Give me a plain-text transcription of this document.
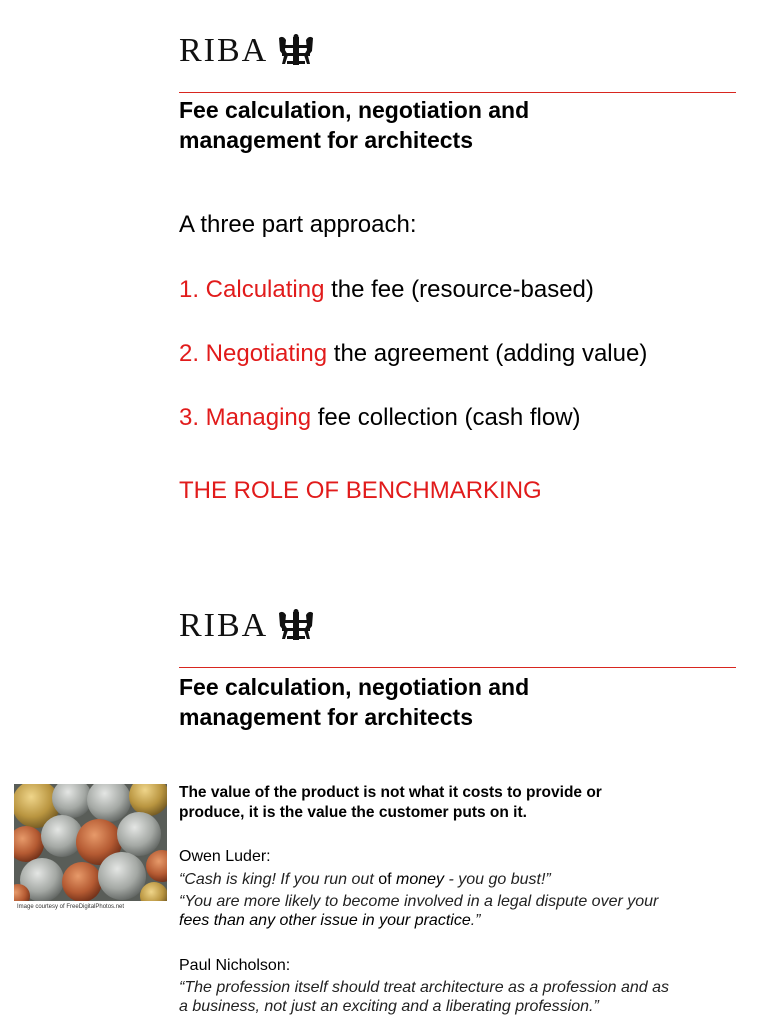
RIBA
Fee calculation, negotiation and
management for architects
A three part approach:
1. Calculating the fee (resource-based)
2. Negotiating the agreement (adding value)
3. Managing fee collection (cash flow)
THE ROLE OF BENCHMARKING
RIBA
Fee calculation, negotiation and
management for architects
Image courtesy of FreeDigitalPhotos.net
The value of the product is not what it costs to provide or
produce, it is the value the customer puts on it.
Owen Luder:
“Cash is king! If you run out of money - you go bust!”
“You are more likely to become involved in a legal dispute over your
fees than any other issue in your practice.”
Paul Nicholson:
“The profession itself should treat architecture as a profession and as
a business, not just an exciting and a liberating profession.”
